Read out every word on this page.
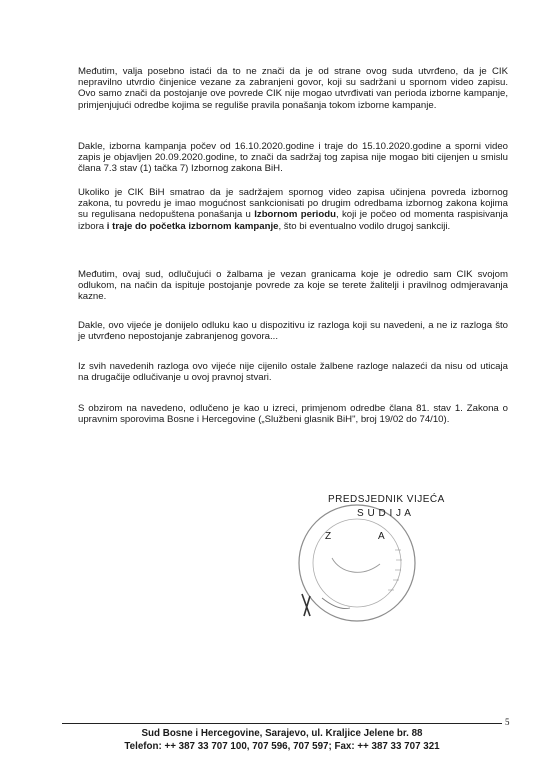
Međutim, valja posebno istaći da to ne znači da je od strane ovog suda utvrđeno, da je CIK nepravilno utvrdio činjenice vezane za zabranjeni govor, koji su sadržani u spornom video zapisu. Ovo samo znači da postojanje ove povrede CIK nije mogao utvrđivati van perioda izborne kampanje, primjenjujući odredbe kojima se reguliše pravila ponašanja tokom izborne kampanje.

Dakle, izborna kampanja počev od 16.10.2020.godine i traje do 15.10.2020.godine a sporni video zapis je objavljen 20.09.2020.godine, to znači da sadržaj tog zapisa nije mogao biti cijenjen u smislu člana 7.3 stav (1) tačka 7) Izbornog zakona BiH.

Ukoliko je CIK BiH smatrao da je sadržajem spornog video zapisa učinjena povreda izbornog zakona, tu povredu je imao mogućnost sankcionisati po drugim odredbama izbornog zakona kojima su regulisana nedopuštena ponašanja u Izbornom periodu, koji je počeo od momenta raspisivanja izbora i traje do početka izbornom kampanje, što bi eventualno vodilo drugoj sankciji.

Međutim, ovaj sud, odlučujući o žalbama je vezan granicama koje je odredio sam CIK svojom odlukom, na način da ispituje postojanje povrede za koje se terete žalitelji i pravilnog odmjeravanja kazne.

Dakle, ovo vijeće je donijelo odluku kao u dispozitivu iz razloga koji su navedeni, a ne iz razloga što je utvrđeno nepostojanje zabranjenog govora...

Iz svih navedenih razloga ovo vijeće nije cijenilo ostale žalbene razloge nalazeći da nisu od uticaja na drugačije odlučivanje u ovoj pravnoj stvari.

S obzirom na navedeno, odlučeno je kao u izreci, primjenom odredbe člana 81. stav 1. Zakona o upravnim sporovima Bosne i Hercegovine („Službeni glasnik BiH", broj 19/02 do 74/10).

PREDSJEDNIK VIJEĆA
S U D I J A
Z	A
5
Sud Bosne i Hercegovine, Sarajevo, ul. Kraljice Jelene br. 88
Telefon: ++ 387 33 707 100, 707 596, 707 597; Fax: ++ 387 33 707 321
